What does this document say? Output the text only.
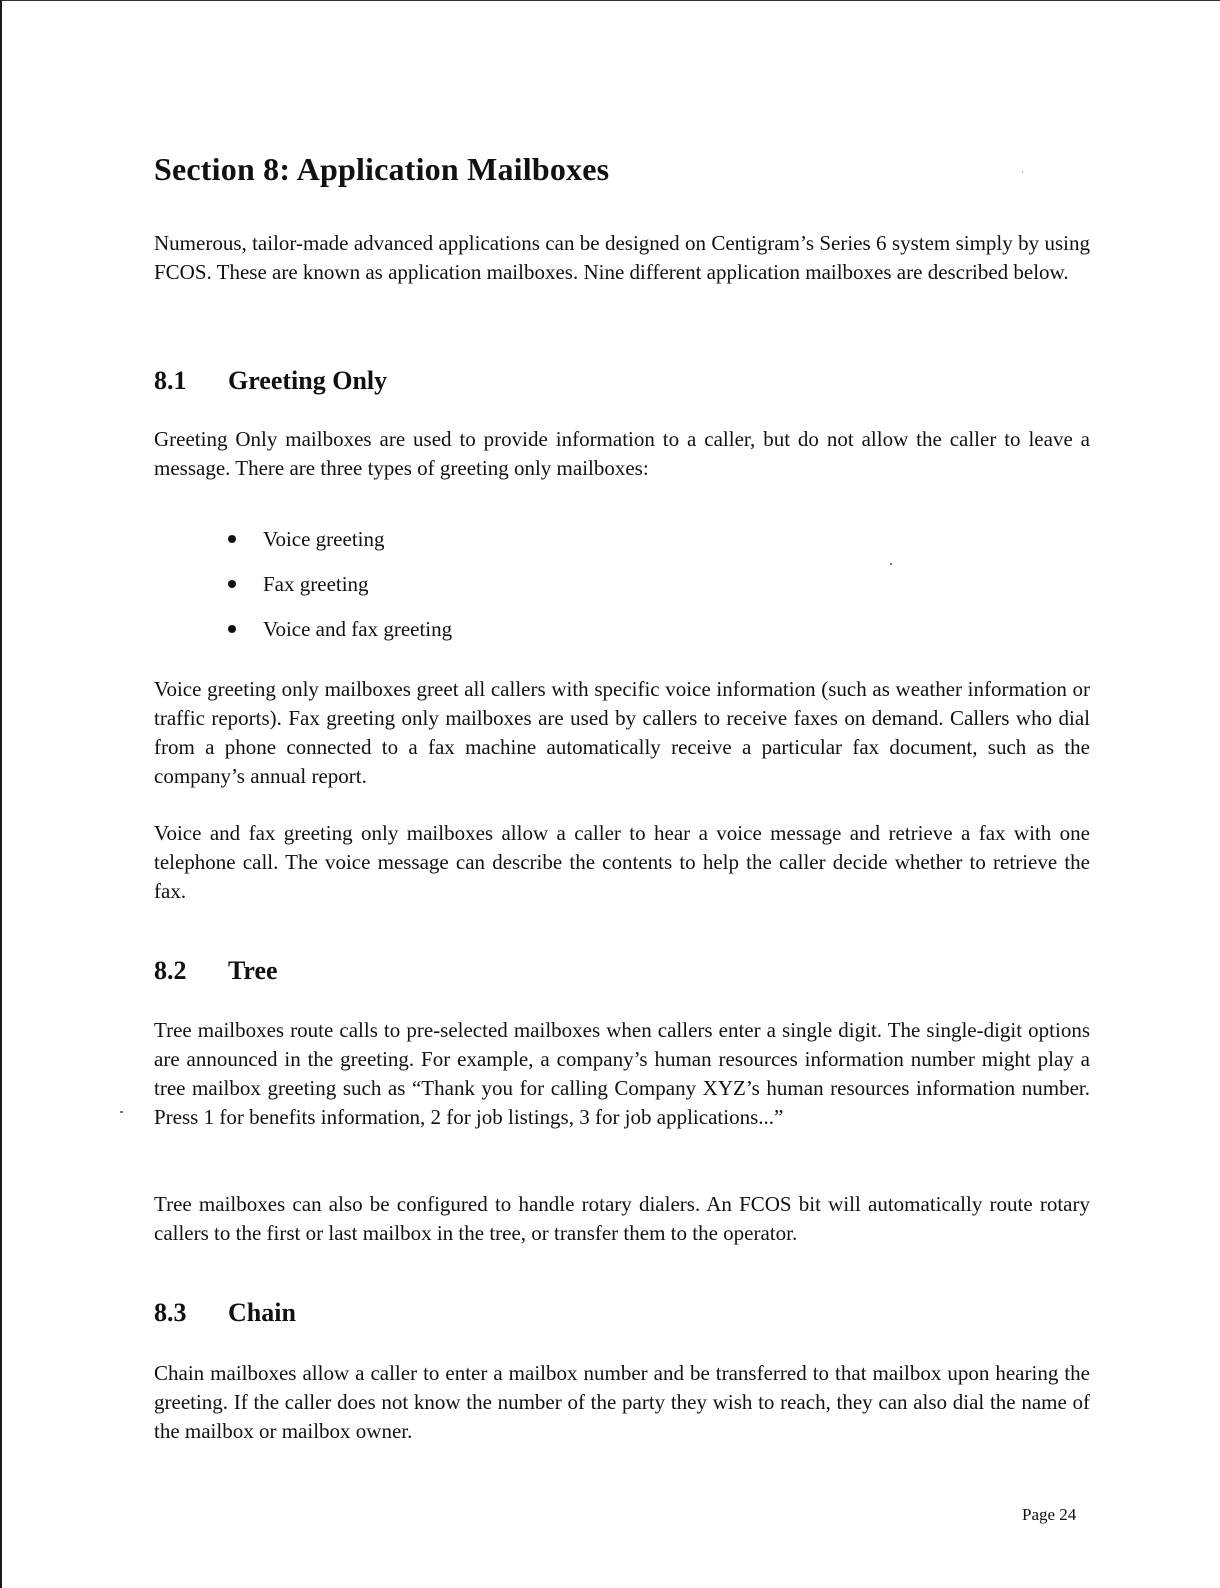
Section 8: Application Mailboxes

Numerous, tailor-made advanced applications can be designed on Centigram’s Series 6 system simply by using FCOS. These are known as application mailboxes. Nine different application mailboxes are described below.

8.1 Greeting Only

Greeting Only mailboxes are used to provide information to a caller, but do not allow the caller to leave a message. There are three types of greeting only mailboxes:

Voice greeting
Fax greeting
Voice and fax greeting

Voice greeting only mailboxes greet all callers with specific voice information (such as weather information or traffic reports). Fax greeting only mailboxes are used by callers to receive faxes on demand. Callers who dial from a phone connected to a fax machine automatically receive a particular fax document, such as the company’s annual report.

Voice and fax greeting only mailboxes allow a caller to hear a voice message and retrieve a fax with one telephone call. The voice message can describe the contents to help the caller decide whether to retrieve the fax.

8.2 Tree

Tree mailboxes route calls to pre-selected mailboxes when callers enter a single digit. The single-digit options are announced in the greeting. For example, a company’s human resources information number might play a tree mailbox greeting such as “Thank you for calling Company XYZ’s human resources information number. Press 1 for benefits information, 2 for job listings, 3 for job applications...”

Tree mailboxes can also be configured to handle rotary dialers. An FCOS bit will automatically route rotary callers to the first or last mailbox in the tree, or transfer them to the operator.

8.3 Chain

Chain mailboxes allow a caller to enter a mailbox number and be transferred to that mailbox upon hearing the greeting. If the caller does not know the number of the party they wish to reach, they can also dial the name of the mailbox or mailbox owner.

Page 24
